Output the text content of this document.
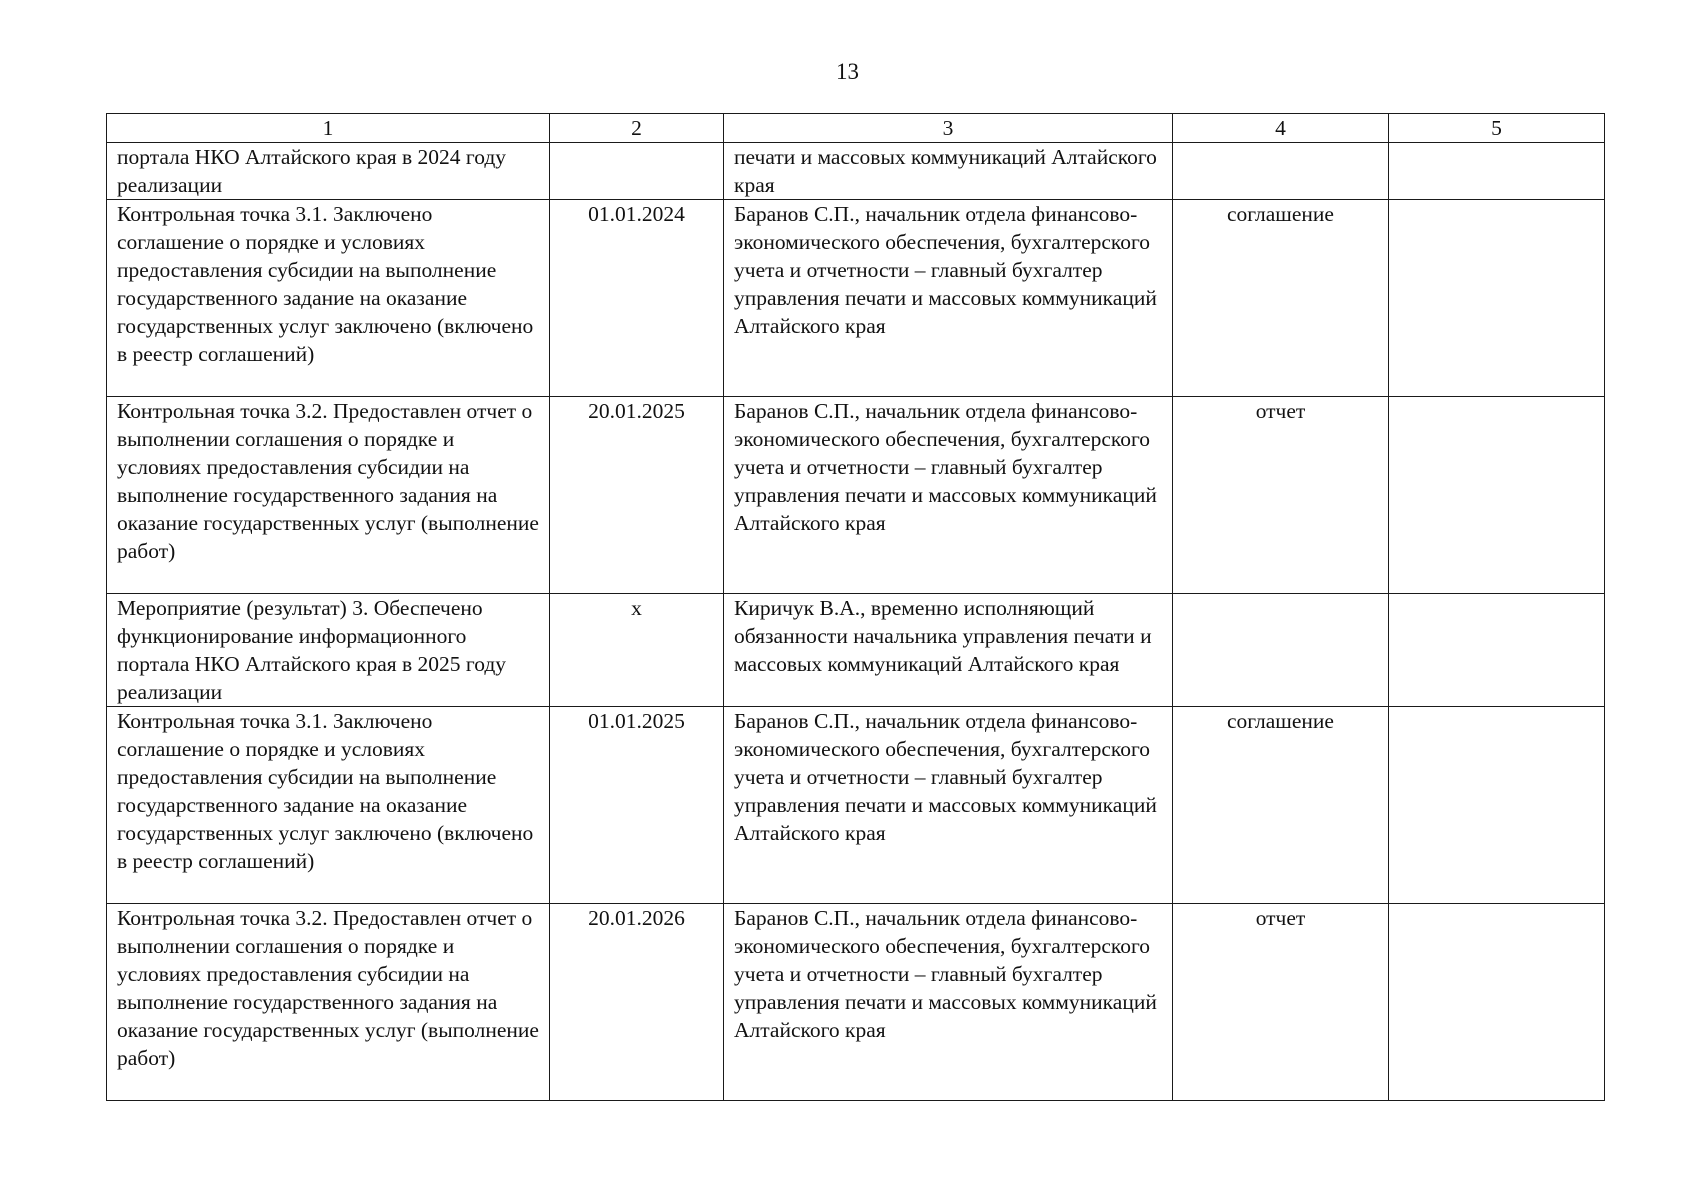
13
1	2	3	4	5
портала НКО Алтайского края в 2024 году реализации		печати и массовых коммуникаций Алтайского края		
Контрольная точка 3.1. Заключено соглашение о порядке и условиях предоставления субсидии на выполнение государственного задание на оказание государственных услуг заключено (включено в реестр соглашений)	01.01.2024	Баранов С.П., начальник отдела финансово-экономического обеспечения, бухгалтерского учета и отчетности – главный бухгалтер управления печати и массовых коммуникаций Алтайского края	соглашение	
Контрольная точка 3.2. Предоставлен отчет о выполнении соглашения о порядке и условиях предоставления субсидии на выполнение государственного задания на оказание государственных услуг (выполнение работ)	20.01.2025	Баранов С.П., начальник отдела финансово-экономического обеспечения, бухгалтерского учета и отчетности – главный бухгалтер управления печати и массовых коммуникаций Алтайского края	отчет	
Мероприятие (результат) 3. Обеспечено функционирование информационного портала НКО Алтайского края в 2025 году реализации	х	Киричук В.А., временно исполняющий обязанности начальника управления печати и массовых коммуникаций Алтайского края		
Контрольная точка 3.1. Заключено соглашение о порядке и условиях предоставления субсидии на выполнение государственного задание на оказание государственных услуг заключено (включено в реестр соглашений)	01.01.2025	Баранов С.П., начальник отдела финансово-экономического обеспечения, бухгалтерского учета и отчетности – главный бухгалтер управления печати и массовых коммуникаций Алтайского края	соглашение	
Контрольная точка 3.2. Предоставлен отчет о выполнении соглашения о порядке и условиях предоставления субсидии на выполнение государственного задания на оказание государственных услуг (выполнение работ)	20.01.2026	Баранов С.П., начальник отдела финансово-экономического обеспечения, бухгалтерского учета и отчетности – главный бухгалтер управления печати и массовых коммуникаций Алтайского края	отчет	
